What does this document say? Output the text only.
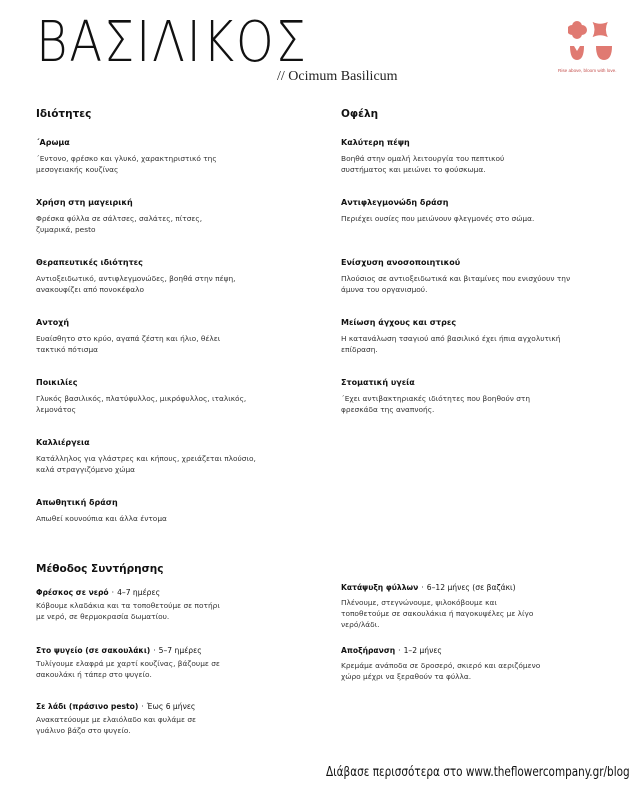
ΒΑΣΙΛΙΚΟΣ
// Ocimum Basilicum	Rise above, bloom with love.
Ιδιότητες
΄Αρωμα
΄Εντονο, φρέσκο και γλυκό, χαρακτηριστικό της μεσογειακής κουζίνας
Χρήση στη μαγειρική
Φρέσκα φύλλα σε σάλτσες, σαλάτες, πίτσες, ζυμαρικά, pesto
Θεραπευτικές ιδιότητες
Αντιοξειδωτικό, αντιφλεγμονώδες, βοηθά στην πέψη, ανακουφίζει από πονοκέφαλο
Αντοχή
Ευαίσθητο στο κρύο, αγαπά ζέστη και ήλιο, θέλει τακτικό πότισμα
Ποικιλίες
Γλυκός βασιλικός, πλατύφυλλος, μικρόφυλλος, ιταλικός, λεμονάτος
Καλλιέργεια
Κατάλληλος για γλάστρες και κήπους, χρειάζεται πλούσιο, καλά στραγγιζόμενο χώμα
Απωθητική δράση
Απωθεί κουνούπια και άλλα έντομα
Οφέλη
Καλύτερη πέψη
Βοηθά στην ομαλή λειτουργία του πεπτικού συστήματος και μειώνει το φούσκωμα.
Αντιφλεγμονώδη δράση
Περιέχει ουσίες που μειώνουν φλεγμονές στο σώμα.
Ενίσχυση ανοσοποιητικού
Πλούσιος σε αντιοξειδωτικά και βιταμίνες που ενισχύουν την άμυνα του οργανισμού.
Μείωση άγχους και στρες
Η κατανάλωση τσαγιού από βασιλικό έχει ήπια αγχολυτική επίδραση.
Στοματική υγεία
΄Εχει αντιβακτηριακές ιδιότητες που βοηθούν στη φρεσκάδα της αναπνοής.
Μέθοδος Συντήρησης
Φρέσκος σε νερό · 4–7 ημέρες
Κόβουμε κλαδάκια και τα τοποθετούμε σε ποτήρι με νερό, σε θερμοκρασία δωματίου.
Στο ψυγείο (σε σακουλάκι) · 5–7 ημέρες
Τυλίγουμε ελαφρά με χαρτί κουζίνας, βάζουμε σε σακουλάκι ή τάπερ στο ψυγείο.
Σε λάδι (πράσινο pesto) · Έως 6 μήνες
Ανακατεύουμε με ελαιόλαδο και φυλάμε σε γυάλινο βάζο στο ψυγείο.
Κατάψυξη φύλλων · 6–12 μήνες (σε βαζάκι)
Πλένουμε, στεγνώνουμε, ψιλοκόβουμε και τοποθετούμε σε σακουλάκια ή παγοκυψέλες με λίγο νερό/λάδι.
Αποξήρανση · 1–2 μήνες
Κρεμάμε ανάποδα σε δροσερό, σκιερό και αεριζόμενο χώρο μέχρι να ξεραθούν τα φύλλα.
Διάβασε περισσότερα στο www.theflowercompany.gr/blog
